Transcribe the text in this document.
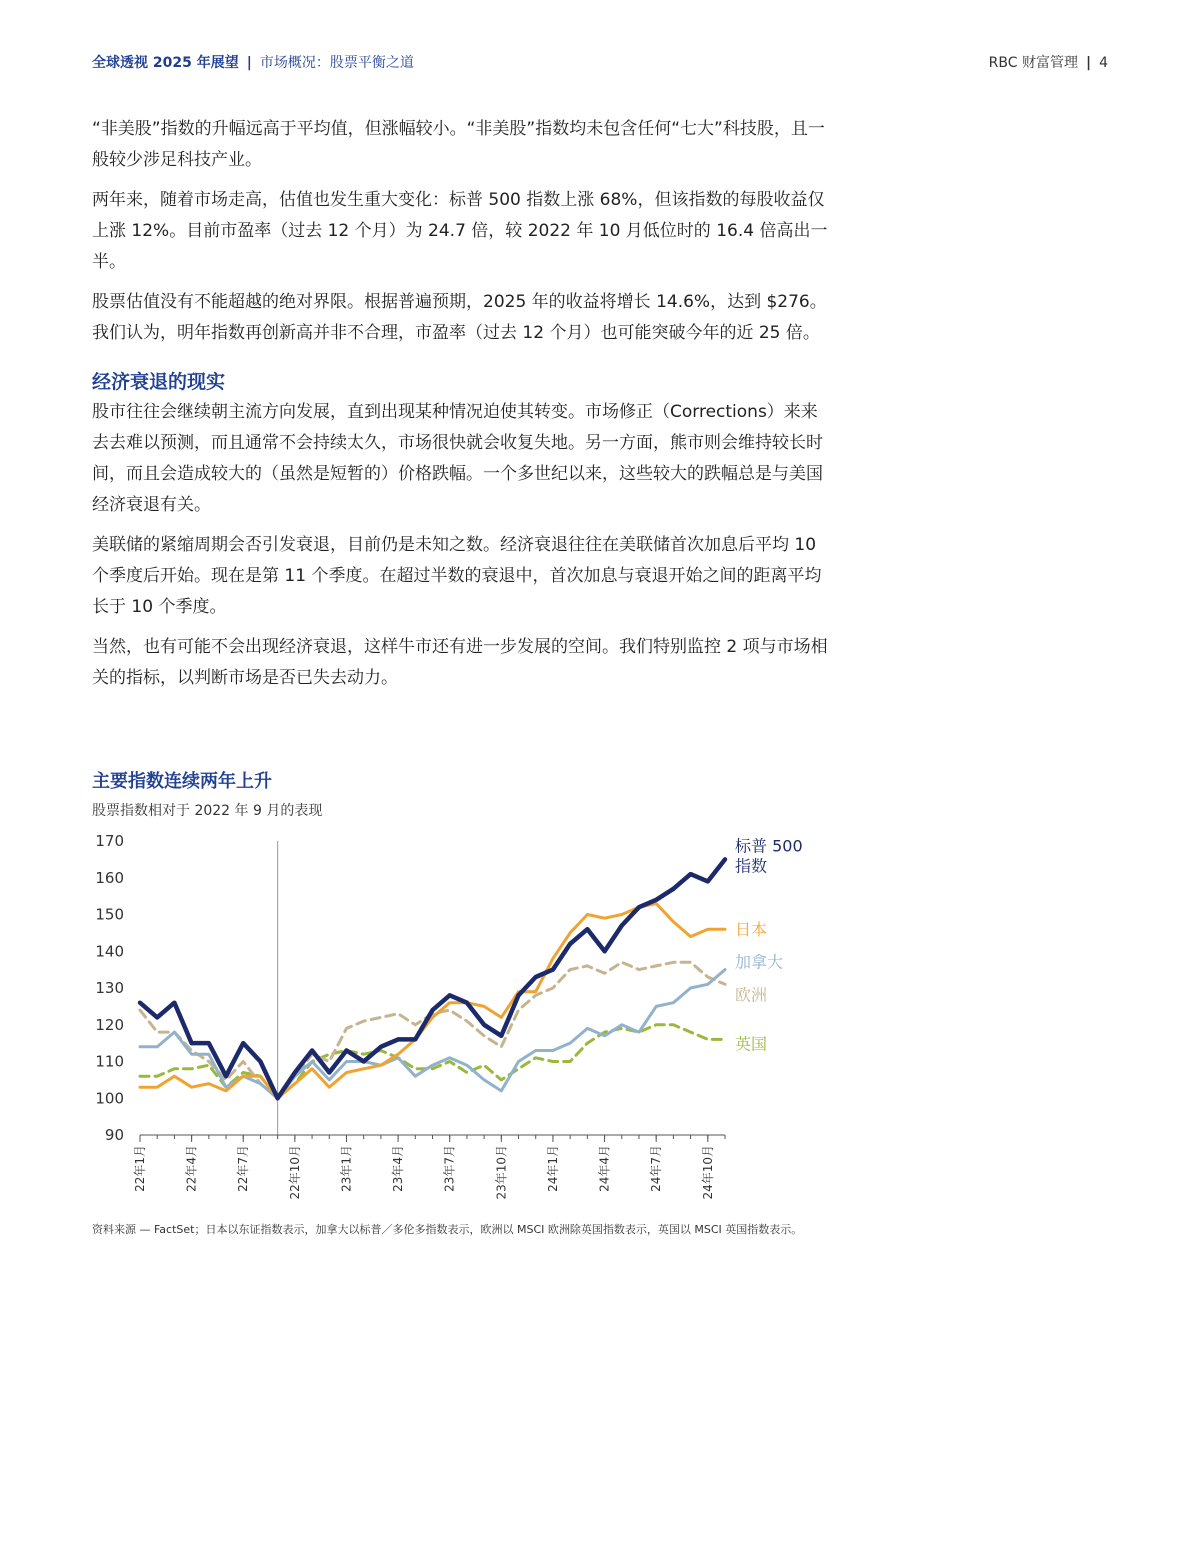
全球透视 2025 年展望 | 市场概况：股票平衡之道	RBC 财富管理 | 4

“非美股”指数的升幅远高于平均值，但涨幅较小。“非美股”指数均未包含任何“七大”科技股，且一般较少涉足科技产业。

两年来，随着市场走高，估值也发生重大变化：标普 500 指数上涨 68%，但该指数的每股收益仅上涨 12%。目前市盈率（过去 12 个月）为 24.7 倍，较 2022 年 10 月低位时的 16.4 倍高出一半。

股票估值没有不能超越的绝对界限。根据普遍预期，2025 年的收益将增长 14.6%，达到 $276。我们认为，明年指数再创新高并非不合理，市盈率（过去 12 个月）也可能突破今年的近 25 倍。

经济衰退的现实

股市往往会继续朝主流方向发展，直到出现某种情况迫使其转变。市场修正（Corrections）来来去去难以预测，而且通常不会持续太久，市场很快就会收复失地。另一方面，熊市则会维持较长时间，而且会造成较大的（虽然是短暂的）价格跌幅。一个多世纪以来，这些较大的跌幅总是与美国经济衰退有关。

美联储的紧缩周期会否引发衰退，目前仍是未知之数。经济衰退往往在美联储首次加息后平均 10 个季度后开始。现在是第 11 个季度。在超过半数的衰退中，首次加息与衰退开始之间的距离平均长于 10 个季度。

当然，也有可能不会出现经济衰退，这样牛市还有进一步发展的空间。我们特别监控 2 项与市场相关的指标，以判断市场是否已失去动力。

主要指数连续两年上升
股票指数相对于 2022 年 9 月的表现
90
100
110
120
130
140
150
160
170
22年1月	22年4月	22年7月	22年10月	23年1月	23年4月	23年7月	23年10月	24年1月	24年4月	24年7月	24年10月
标普 500
指数
日本
加拿大
欧洲
英国
资料来源 — FactSet；日本以东证指数表示，加拿大以标普／多伦多指数表示，欧洲以 MSCI 欧洲除英国指数表示，英国以 MSCI 英国指数表示。
